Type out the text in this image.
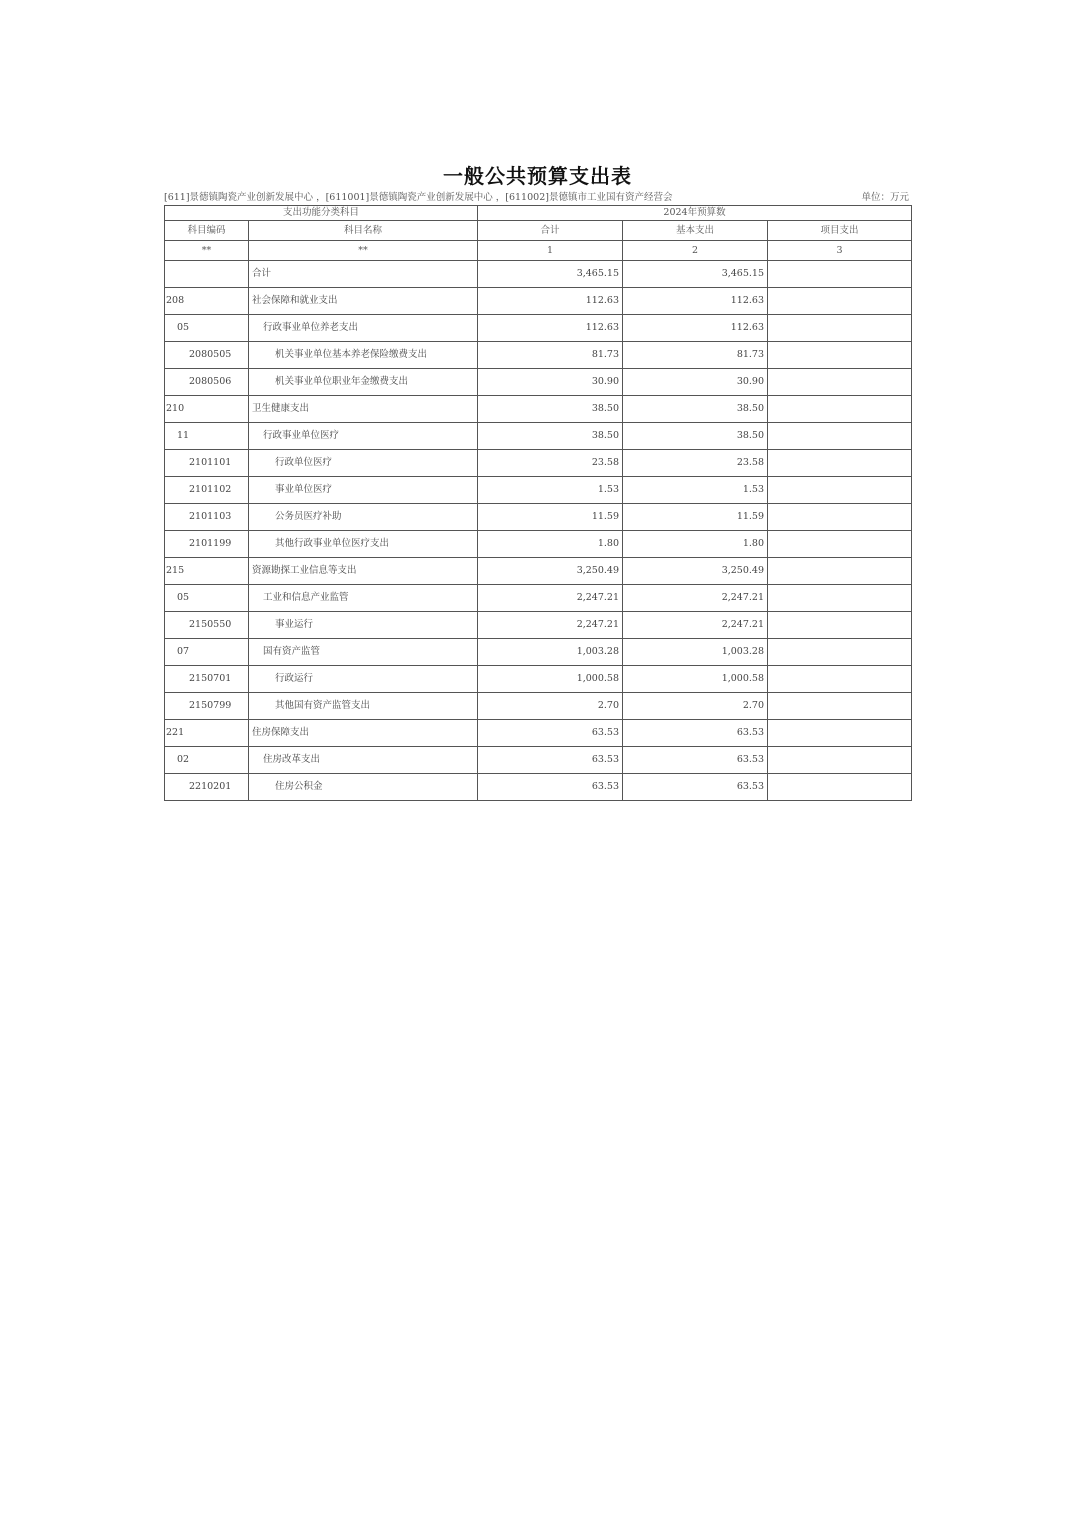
一般公共预算支出表
[611]景德镇陶瓷产业创新发展中心 ，[611001]景德镇陶瓷产业创新发展中心 ，[611002]景德镇市工业国有资产经营会	单位：万元
支出功能分类科目		2024年预算数		
科目编码	科目名称	合计	基本支出	项目支出
**	**	1	2	3
	合计	3,465.15	3,465.15	
208	社会保障和就业支出	112.63	112.63	
05	行政事业单位养老支出	112.63	112.63	
2080505	机关事业单位基本养老保险缴费支出	81.73	81.73	
2080506	机关事业单位职业年金缴费支出	30.90	30.90	
210	卫生健康支出	38.50	38.50	
11	行政事业单位医疗	38.50	38.50	
2101101	行政单位医疗	23.58	23.58	
2101102	事业单位医疗	1.53	1.53	
2101103	公务员医疗补助	11.59	11.59	
2101199	其他行政事业单位医疗支出	1.80	1.80	
215	资源勘探工业信息等支出	3,250.49	3,250.49	
05	工业和信息产业监管	2,247.21	2,247.21	
2150550	事业运行	2,247.21	2,247.21	
07	国有资产监管	1,003.28	1,003.28	
2150701	行政运行	1,000.58	1,000.58	
2150799	其他国有资产监管支出	2.70	2.70	
221	住房保障支出	63.53	63.53	
02	住房改革支出	63.53	63.53	
2210201	住房公积金	63.53	63.53	
